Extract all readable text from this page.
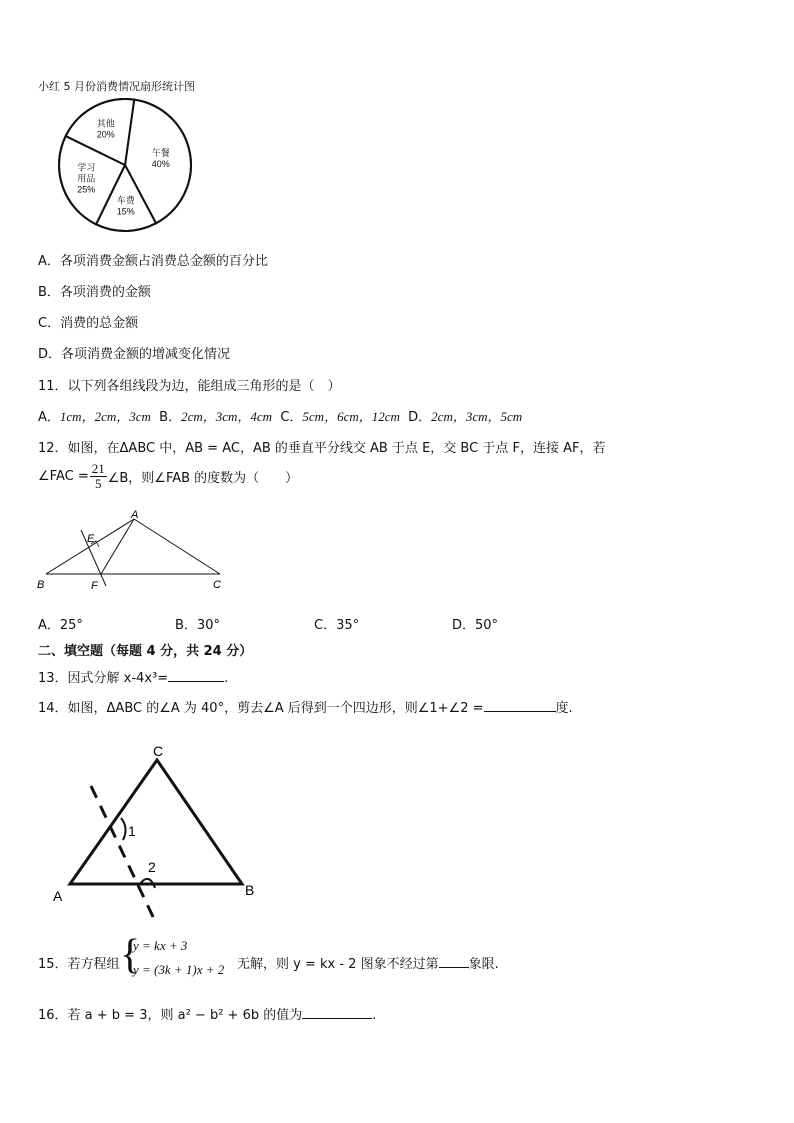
小红 5 月份消费情况扇形统计图
午餐 40%
车费 15%
学习用品 25%
其他 20%
A．各项消费金额占消费总金额的百分比
B．各项消费的金额
C．消费的总金额
D．各项消费金额的增减变化情况
11．以下列各组线段为边，能组成三角形的是（　）
A．1cm，2cm，3cm B．2cm，3cm，4cm C．5cm，6cm，12cm D．2cm，3cm，5cm
12．如图，在ΔABC 中，AB = AC，AB 的垂直平分线交 AB 于点 E，交 BC 于点 F，连接 AF，若
∠FAC = $\frac{21}{5}$ ∠B，则∠FAB 的度数为（　　）
A
B	C
E
F
A．25°	B．30°	C．35°	D．50°
二、填空题（每题 4 分，共 24 分）
13．因式分解 x-4x³=	.
14．如图，ΔABC 的∠A 为 40°，剪去∠A 后得到一个四边形，则∠1+∠2 =	度.
1
2
C
A	B
15．若方程组 {
y = kx + 3
y = (3k + 1)x + 2 无解，则 y = kx - 2 图象不经过第 象限.
16．若 a + b = 3，则 a² − b² + 6b 的值为	.
